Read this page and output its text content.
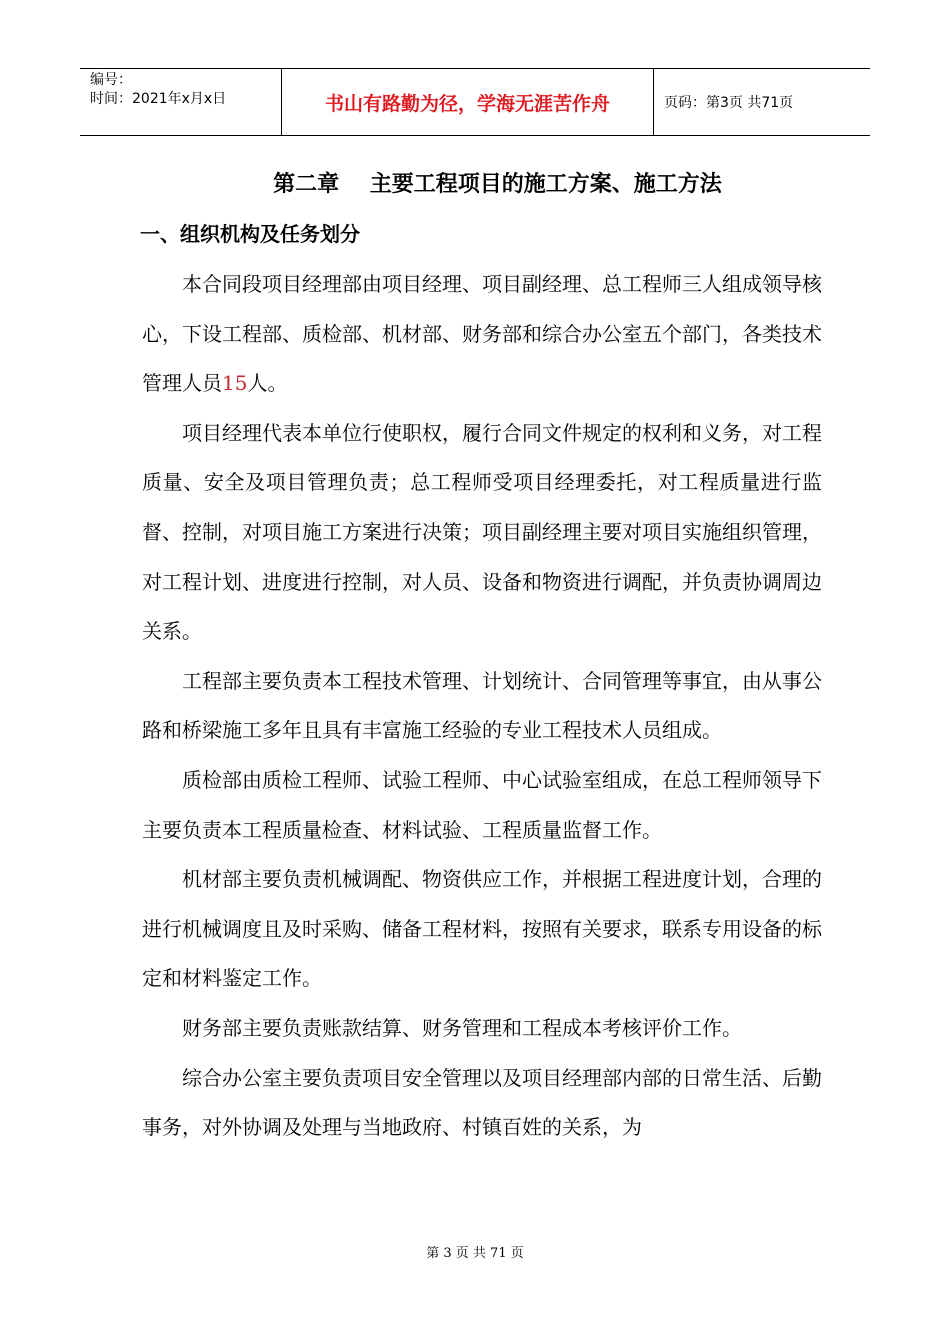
编号：
时间：2021年x月x日	书山有路勤为径，学海无涯苦作舟	页码：第3页 共71页
第二章    主要工程项目的施工方案、施工方法
一、组织机构及任务划分

本合同段项目经理部由项目经理、项目副经理、总工程师三人组成领导核心，下设工程部、质检部、机材部、财务部和综合办公室五个部门，各类技术管理人员15人。

项目经理代表本单位行使职权，履行合同文件规定的权利和义务，对工程质量、安全及项目管理负责；总工程师受项目经理委托，对工程质量进行监督、控制，对项目施工方案进行决策；项目副经理主要对项目实施组织管理，对工程计划、进度进行控制，对人员、设备和物资进行调配，并负责协调周边关系。

工程部主要负责本工程技术管理、计划统计、合同管理等事宜，由从事公路和桥梁施工多年且具有丰富施工经验的专业工程技术人员组成。

质检部由质检工程师、试验工程师、中心试验室组成，在总工程师领导下主要负责本工程质量检查、材料试验、工程质量监督工作。

机材部主要负责机械调配、物资供应工作，并根据工程进度计划，合理的进行机械调度且及时采购、储备工程材料，按照有关要求，联系专用设备的标定和材料鉴定工作。

财务部主要负责账款结算、财务管理和工程成本考核评价工作。

综合办公室主要负责项目安全管理以及项目经理部内部的日常生活、后勤事务，对外协调及处理与当地政府、村镇百姓的关系，为

第 3 页 共 71 页
